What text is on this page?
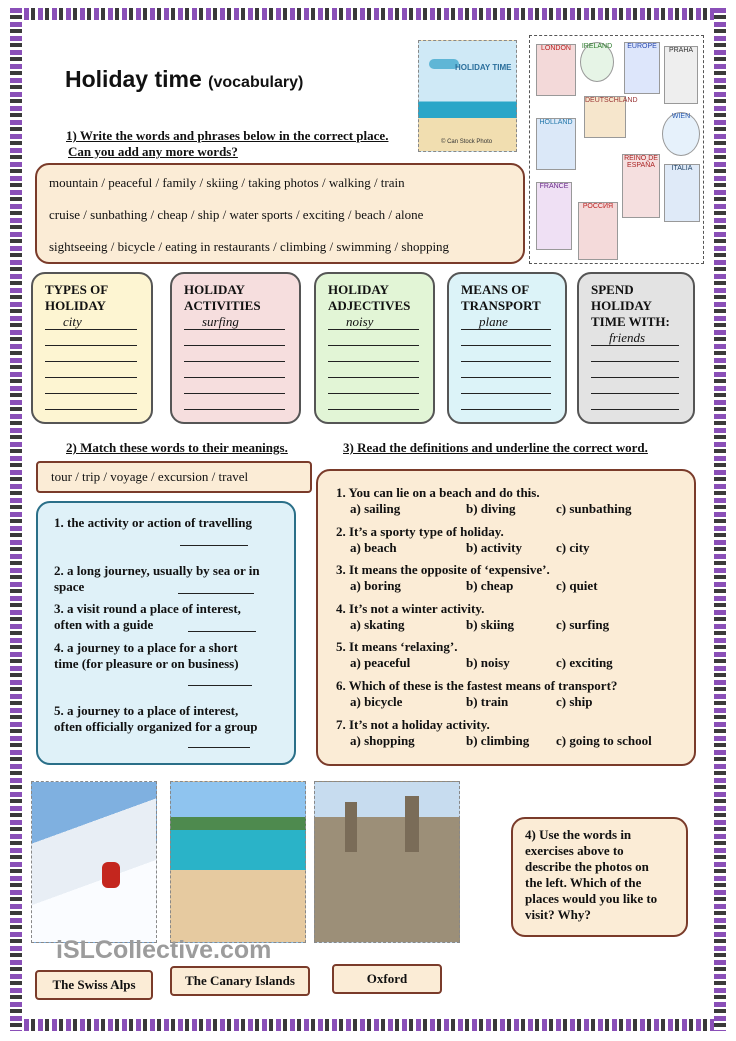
Holiday time (vocabulary)
1) Write the words and phrases below in the correct place.
Can you add any more words?
mountain / peaceful / family / skiing / taking photos / walking / train
cruise / sunbathing / cheap / ship / water sports / exciting / beach / alone
sightseeing / bicycle / eating in restaurants / climbing / swimming / shopping
HOLIDAY TIME
© Can Stock Photo
LONDON	IRELAND	EUROPE
PRAHA
DEUTSCHLAND
HOLLAND
WIEN
REINO DE ESPAÑA	ITALIA
FRANCE
РОССИЯ
TYPES OF
HOLIDAY
city
HOLIDAY
ACTIVITIES
surfing
HOLIDAY
ADJECTIVES
noisy
MEANS OF
TRANSPORT
plane
SPEND
HOLIDAY
TIME WITH:
friends
2) Match these words to their meanings.
tour / trip / voyage / excursion / travel
1. the activity or action of travelling
2. a long journey, usually by sea or in
space
3. a visit round a place of interest,
often with a guide
4. a journey to a place for a short
time (for pleasure or on business)
5. a journey to a place of interest,
often officially organized for a group
3) Read the definitions and underline the correct word.
1. You can lie on a beach and do this.
a) sailing	b) diving	c) sunbathing
2. It’s a sporty type of holiday.
a) beach	b) activity	c) city
3. It means the opposite of ‘expensive’.
a) boring	b) cheap	c) quiet
4. It’s not a winter activity.
a) skating	b) skiing	c) surfing
5. It means ‘relaxing’.
a) peaceful	b) noisy	c) exciting
6. Which of these is the fastest means of transport?
a) bicycle	b) train	c) ship
7. It’s not a holiday activity.
a) shopping	b) climbing c) going to school
iSLCollective.com
The Swiss Alps	The Canary Islands	Oxford
4) Use the words in
exercises above to
describe the photos on
the left. Which of the
places would you like to
visit? Why?
